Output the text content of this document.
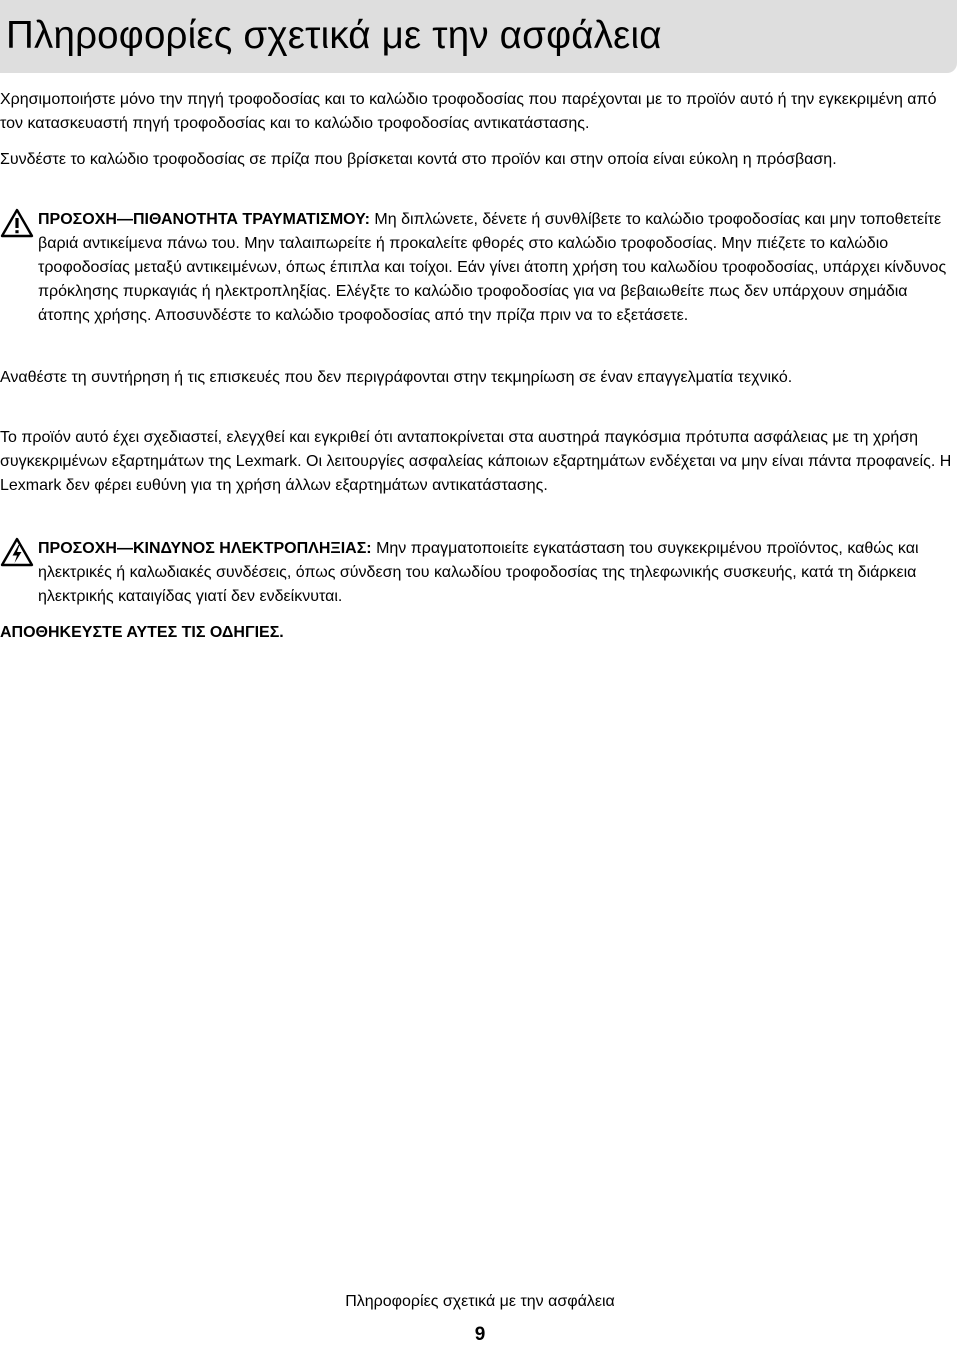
Πληροφορίες σχετικά με την ασφάλεια

Χρησιμοποιήστε μόνο την πηγή τροφοδοσίας και το καλώδιο τροφοδοσίας που παρέχονται με το προϊόν αυτό ή την εγκεκριμένη από τον κατασκευαστή πηγή τροφοδοσίας και το καλώδιο τροφοδοσίας αντικατάστασης.

Συνδέστε το καλώδιο τροφοδοσίας σε πρίζα που βρίσκεται κοντά στο προϊόν και στην οποία είναι εύκολη η πρόσβαση.

ΠΡΟΣΟΧΗ—ΠΙΘΑΝΟΤΗΤΑ ΤΡΑΥΜΑΤΙΣΜΟΥ: Μη διπλώνετε, δένετε ή συνθλίβετε το καλώδιο τροφοδοσίας και μην τοποθετείτε βαριά αντικείμενα πάνω του. Μην ταλαιπωρείτε ή προκαλείτε φθορές στο καλώδιο τροφοδοσίας. Μην πιέζετε το καλώδιο τροφοδοσίας μεταξύ αντικειμένων, όπως έπιπλα και τοίχοι. Εάν γίνει άτοπη χρήση του καλωδίου τροφοδοσίας, υπάρχει κίνδυνος πρόκλησης πυρκαγιάς ή ηλεκτροπληξίας. Ελέγξτε το καλώδιο τροφοδοσίας για να βεβαιωθείτε πως δεν υπάρχουν σημάδια άτοπης χρήσης. Αποσυνδέστε το καλώδιο τροφοδοσίας από την πρίζα πριν να το εξετάσετε.

Αναθέστε τη συντήρηση ή τις επισκευές που δεν περιγράφονται στην τεκμηρίωση σε έναν επαγγελματία τεχνικό.

Το προϊόν αυτό έχει σχεδιαστεί, ελεγχθεί και εγκριθεί ότι ανταποκρίνεται στα αυστηρά παγκόσμια πρότυπα ασφάλειας με τη χρήση συγκεκριμένων εξαρτημάτων της Lexmark. Οι λειτουργίες ασφαλείας κάποιων εξαρτημάτων ενδέχεται να μην είναι πάντα προφανείς. Η Lexmark δεν φέρει ευθύνη για τη χρήση άλλων εξαρτημάτων αντικατάστασης.

ΠΡΟΣΟΧΗ—ΚΙΝΔΥΝΟΣ ΗΛΕΚΤΡΟΠΛΗΞΙΑΣ: Μην πραγματοποιείτε εγκατάσταση του συγκεκριμένου προϊόντος, καθώς και ηλεκτρικές ή καλωδιακές συνδέσεις, όπως σύνδεση του καλωδίου τροφοδοσίας της τηλεφωνικής συσκευής, κατά τη διάρκεια ηλεκτρικής καταιγίδας γιατί δεν ενδείκνυται.

ΑΠΟΘΗΚΕΥΣΤΕ ΑΥΤΕΣ ΤΙΣ ΟΔΗΓΙΕΣ.

Πληροφορίες σχετικά με την ασφάλεια
9
